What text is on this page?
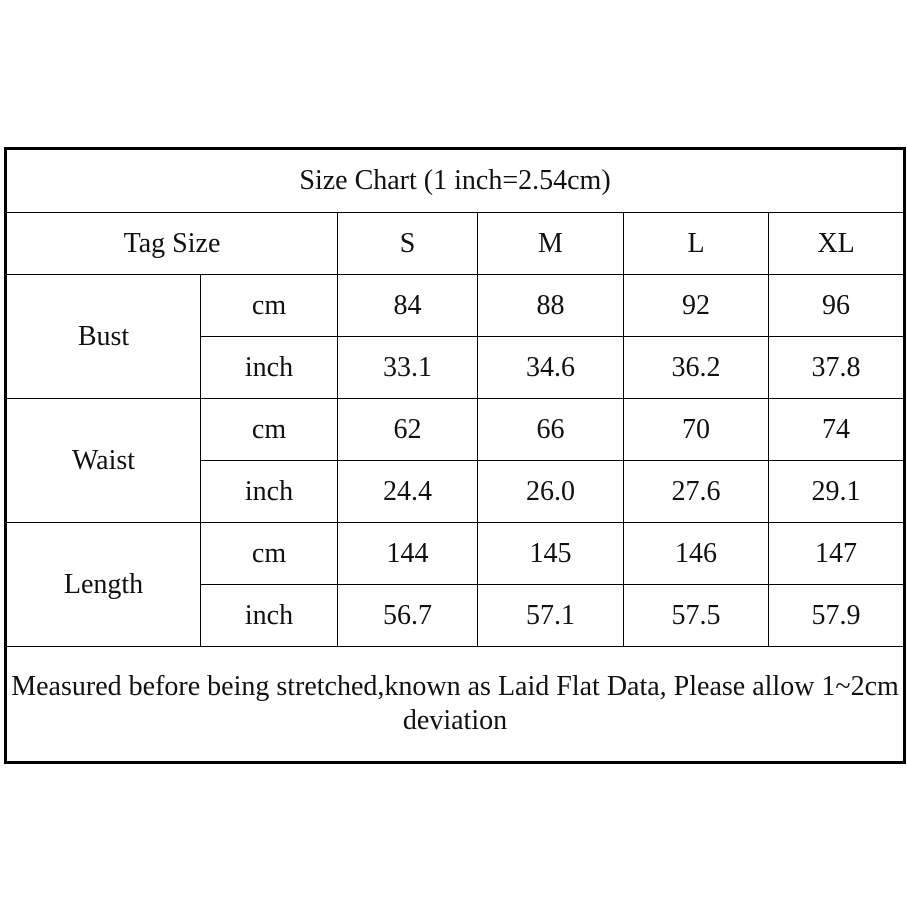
Size Chart (1 inch=2.54cm)					
Tag Size		S	M	L	XL
Bust	cm	84	88	92	96
	inch	33.1	34.6	36.2	37.8
Waist	cm	62	66	70	74
	inch	24.4	26.0	27.6	29.1
Length	cm	144	145	146	147
	inch	56.7	57.1	57.5	57.9
Measured before being stretched,known as Laid Flat Data, Please allow 1~2cm deviation					
